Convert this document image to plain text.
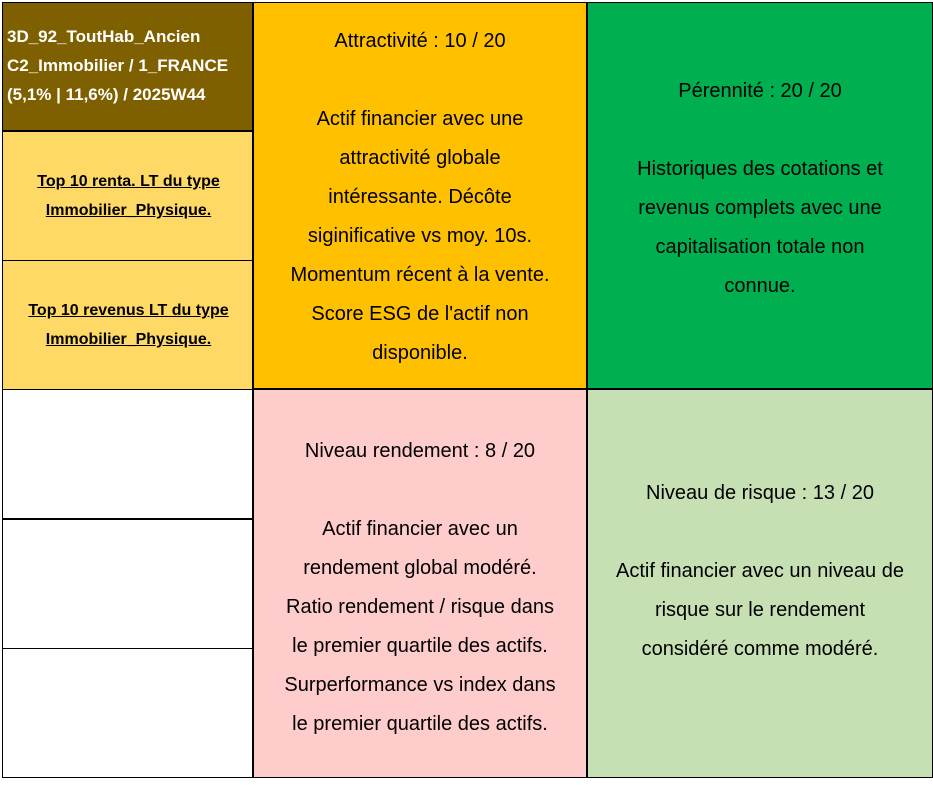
3D_92_ToutHab_Ancien
C2_Immobilier / 1_FRANCE
(5,1% | 11,6%) / 2025W44
Top 10 renta. LT du type
Immobilier_Physique.
Top 10 revenus LT du type
Immobilier_Physique.
Attractivité : 10 / 20
Actif financier avec une
attractivité globale
intéressante. Décôte
siginificative vs moy. 10s.
Momentum récent à la vente.
Score ESG de l'actif non
disponible.
Pérennité : 20 / 20
Historiques des cotations et
revenus complets avec une
capitalisation totale non
connue.
Niveau rendement : 8 / 20
Actif financier avec un
rendement global modéré.
Ratio rendement / risque dans
le premier quartile des actifs.
Surperformance vs index dans
le premier quartile des actifs.
Niveau de risque : 13 / 20
Actif financier avec un niveau de
risque sur le rendement
considéré comme modéré.
